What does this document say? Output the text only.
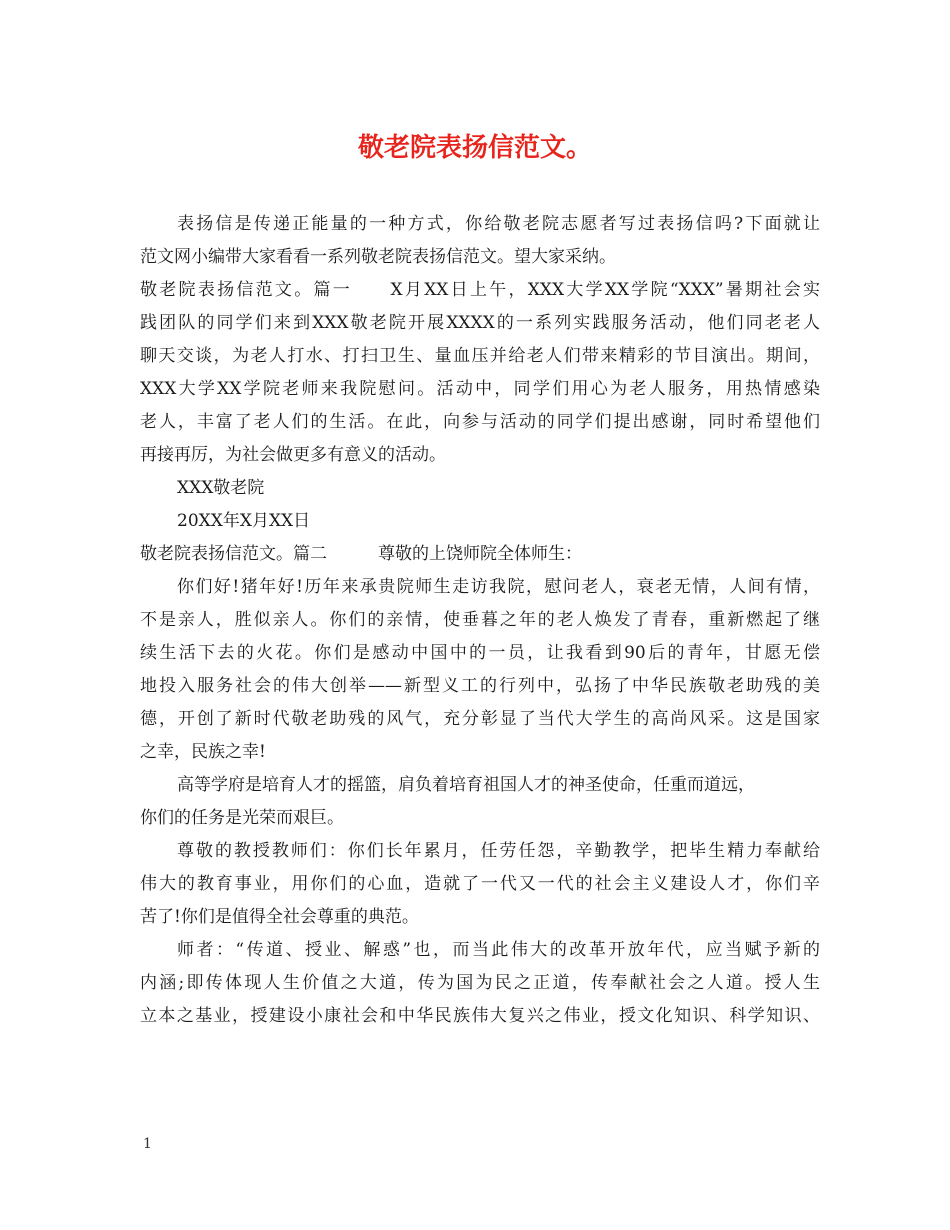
敬老院表扬信范文。
表扬信是传递正能量的一种方式，你给敬老院志愿者写过表扬信吗?下面就让
范文网小编带大家看看一系列敬老院表扬信范文。望大家采纳。
敬老院表扬信范文。篇一　　X月XX日上午，XXX大学XX学院“XXX”暑期社会实
践团队的同学们来到XXX敬老院开展XXXX的一系列实践服务活动，他们同老老人
聊天交谈，为老人打水、打扫卫生、量血压并给老人们带来精彩的节目演出。期间，
XXX大学XX学院老师来我院慰问。活动中，同学们用心为老人服务，用热情感染
老人，丰富了老人们的生活。在此，向参与活动的同学们提出感谢，同时希望他们
再接再厉，为社会做更多有意义的活动。
XXX敬老院
20XX年X月XX日
敬老院表扬信范文。篇二　　　尊敬的上饶师院全体师生：
你们好!猪年好!历年来承贵院师生走访我院，慰问老人，衰老无情，人间有情，
不是亲人，胜似亲人。你们的亲情，使垂暮之年的老人焕发了青春，重新燃起了继
续生活下去的火花。你们是感动中国中的一员，让我看到90后的青年，甘愿无偿
地投入服务社会的伟大创举——新型义工的行列中，弘扬了中华民族敬老助残的美
德，开创了新时代敬老助残的风气，充分彰显了当代大学生的高尚风采。这是国家
之幸，民族之幸!
高等学府是培育人才的摇篮，肩负着培育祖国人才的神圣使命，任重而道远，
你们的任务是光荣而艰巨。
尊敬的教授教师们：你们长年累月，任劳任怨，辛勤教学，把毕生精力奉献给
伟大的教育事业，用你们的心血，造就了一代又一代的社会主义建设人才，你们辛
苦了!你们是值得全社会尊重的典范。
师者：“传道、授业、解惑”也，而当此伟大的改革开放年代，应当赋予新的
内涵;即传体现人生价值之大道，传为国为民之正道，传奉献社会之人道。授人生
立本之基业，授建设小康社会和中华民族伟大复兴之伟业，授文化知识、科学知识、
1
